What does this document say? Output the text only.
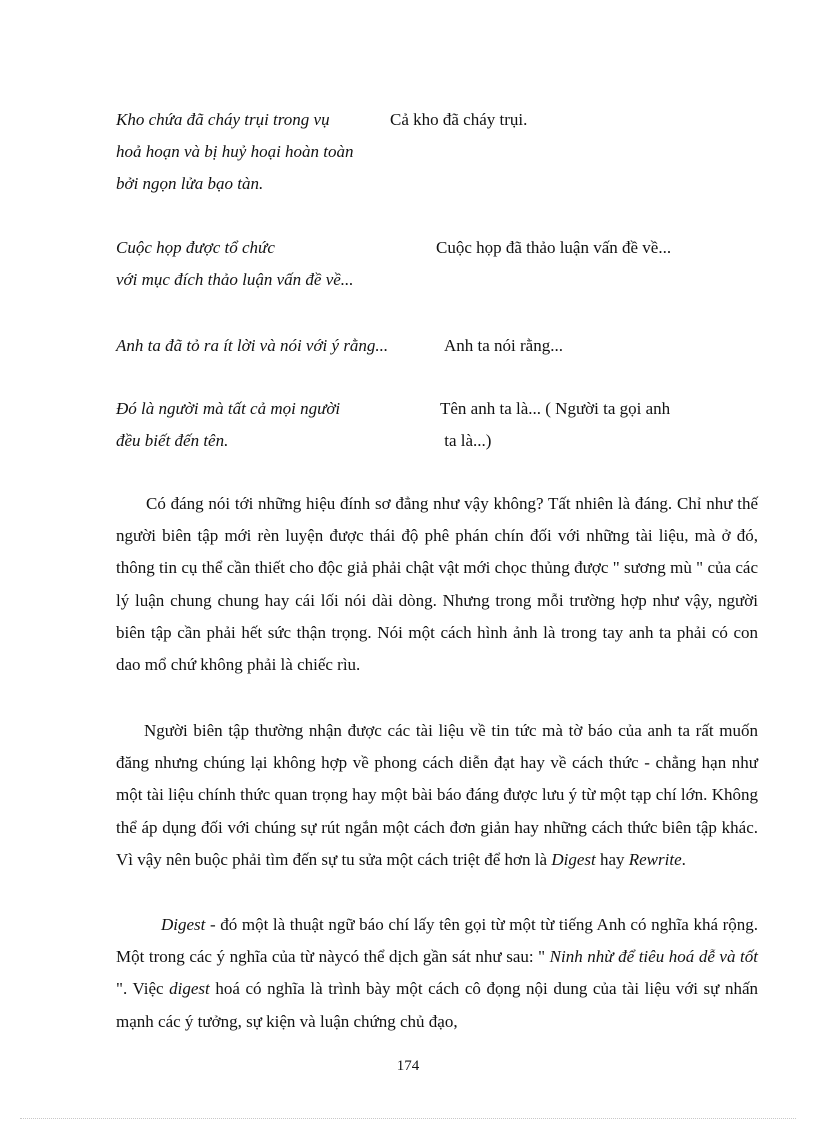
Kho chứa đã cháy trụi trong vụ
hoả hoạn và bị huỷ hoại hoàn toàn
bởi ngọn lửa bạo tàn.
Cả kho đã cháy trụi.
Cuộc họp được tổ chức
với mục đích thảo luận vấn đề về...
Cuộc họp đã thảo luận vấn đề về...
Anh ta đã tỏ ra ít lời và nói với ý rằng...	Anh ta nói rằng...
Đó là người mà tất cả mọi người
đều biết đến tên.
Tên anh ta là... ( Người ta gọi anh
ta là...)
Có đáng nói tới những hiệu đính sơ đẳng như vậy không? Tất nhiên là đáng. Chỉ như thế người biên tập mới rèn luyện được thái độ phê phán chín đối với những tài liệu, mà ở đó, thông tin cụ thể cần thiết cho độc giả phải chật vật mới chọc thủng được " sương mù " của các lý luận chung chung hay cái lối nói dài dòng. Nhưng trong mỗi trường hợp như vậy, người biên tập cần phải hết sức thận trọng. Nói một cách hình ảnh là trong tay anh ta phải có con dao mổ chứ không phải là chiếc rìu.
Người biên tập thường nhận được các tài liệu về tin tức mà tờ báo của anh ta rất muốn đăng nhưng chúng lại không hợp về phong cách diễn đạt hay về cách thức - chẳng hạn như một tài liệu chính thức quan trọng hay một bài báo đáng được lưu ý từ một tạp chí lớn. Không thể áp dụng đối với chúng sự rút ngắn một cách đơn giản hay những cách thức biên tập khác. Vì vậy nên buộc phải tìm đến sự tu sửa một cách triệt để hơn là Digest hay Rewrite.
Digest - đó một là thuật ngữ báo chí lấy tên gọi từ một từ tiếng Anh có nghĩa khá rộng. Một trong các ý nghĩa của từ nàycó thể dịch gần sát như sau: " Ninh nhừ để tiêu hoá dễ và tốt ". Việc digest hoá có nghĩa là trình bày một cách cô đọng nội dung của tài liệu với sự nhấn mạnh các ý tưởng, sự kiện và luận chứng chủ đạo,
174
